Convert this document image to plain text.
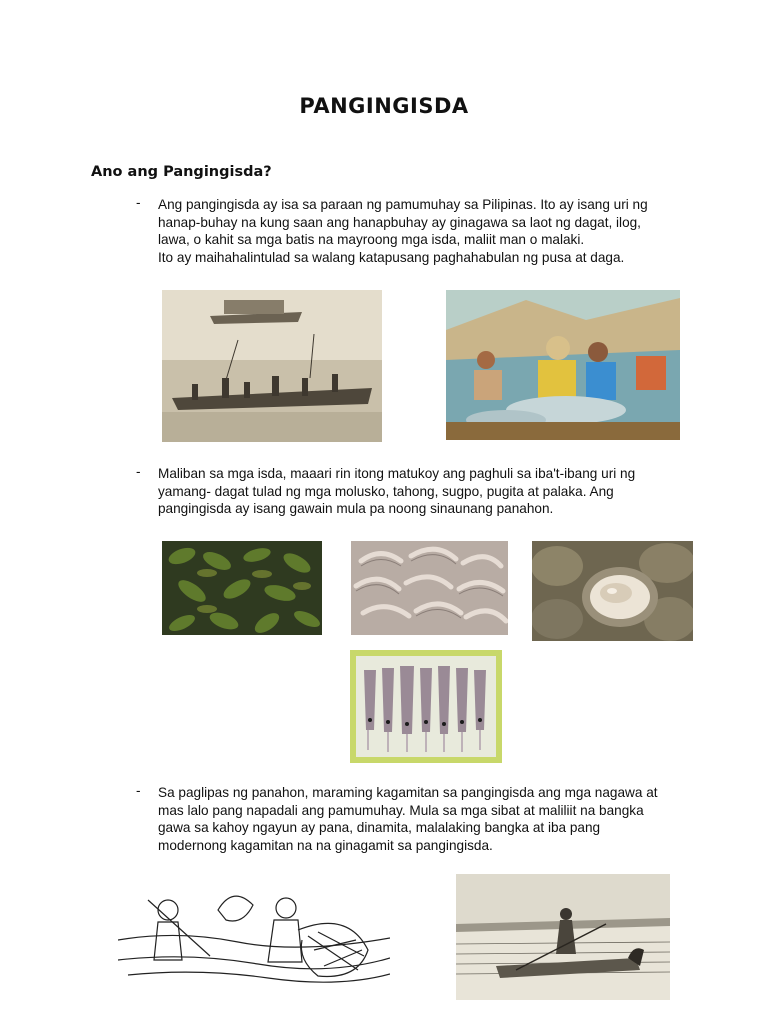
PANGINGISDA
Ano ang Pangingisda?
- Ang pangingisda ay isa sa paraan ng pamumuhay sa Pilipinas. Ito ay isang uri ng
hanap-buhay na kung saan ang hanapbuhay ay ginagawa sa laot ng dagat, ilog,
lawa, o kahit sa mga batis na mayroong mga isda, maliit man o malaki.
Ito ay maihahalintulad sa walang katapusang paghahabulan ng pusa at daga.
- Maliban sa mga isda, maaari rin itong matukoy ang paghuli sa iba't-ibang uri ng
yamang- dagat tulad ng mga molusko, tahong, sugpo, pugita at palaka. Ang
pangingisda ay isang gawain mula pa noong sinaunang panahon.
- Sa paglipas ng panahon, maraming kagamitan sa pangingisda ang mga nagawa at
mas lalo pang napadali ang pamumuhay. Mula sa mga sibat at maliliit na bangka
gawa sa kahoy ngayun ay pana, dinamita, malalaking bangka at iba pang
modernong kagamitan na na ginagamit sa pangingisda.
